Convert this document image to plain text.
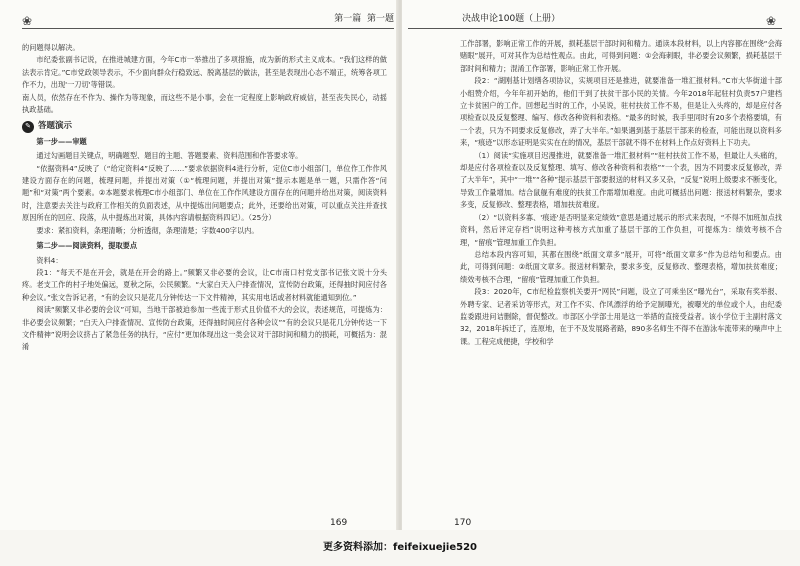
❀	第一篇 第一题

的问题得以解决。

市纪委张副书记说，在推进城建方面，今年C市一举推出了多项措施，成为新的形式主义成本。“我们这样的做法表示肯定。”C市党政领导表示，不少面向群众行稳致远、脱离基层的做法，甚至是表现出心态不端正，统筹各项工作不力，出现'一刀切'等错误。

南人员，依然存在不作为、操作为等现象，而这些不是小事，会在一定程度上影响政府威信，甚至丧失民心，动摇执政基础。

✎ 答题演示
第一步——审题

通过勾画题目关键点，明确题型、题目的主题、答题要素、资料范围和作答要求等。

“依据资料4”反映了（“给定资料4”反映了……”要求依据资料4进行分析，定位C市小组部门，单位作工作作风建设方面存在的问题，梳理问题，并提出对策（①“梳理问题，并提出对策”提示本题是单一题，只需作答“问题”和“对策”两个要素。②本题要求梳理C市小组部门、单位在工作作风建设方面存在的问题并给出对策，阅读资料时，注意要去关注与政府工作相关的负面表述，从中提炼出问题要点；此外，还要给出对策，可以重点关注并查找原因所在的回应、段落，从中提炼出对策，具体内容请根据资料四记）。（25分）

要求：紧扣资料，条理清晰；分析透彻，条理清楚；字数400字以内。

第二步——阅读资料，提取要点

资料4：

段1：“每天不是在开会，就是在开会的路上。”频繁又非必要的会议，让C市南口村党支部书记张文说十分头疼。老支工作的村子地处偏远，夏秋之际，公民频繁。“大家白天入户排查情况，宣传防台政策，还得抽时间应付各种会议。”张文告诉记者，“有的会议只是花几分钟传达一下文件精神，其实用电话或者材料就能通知到位。”

阅读“频繁又非必要的会议”可知，当地干部被迫参加一些流于形式且价值不大的会议，表述规范，可提炼为：非必要会议频繁；“白天入户排查情况、宣传防台政策，还得抽时间应付各种会议”“有的会议只是花几分钟传达一下文件精神”说明会议挤占了紧急任务的执行，“应付”更加体现出这一类会议对干部时间和精力的损耗，可概括为：混淆

169
决战申论100题（上册）	❀

工作部署，影响正常工作的开展，损耗基层干部时间和精力。通读本段材料，以上内容都在围绕“会海赌眼”展开，可对其作为总结性观点。由此，可得到问题：①会海刺眼，非必要会议频繁，损耗基层干部时间和精力；混淆工作部署，影响正常工作开展。

段2：“湖刚基计划缮各项协议，实规项目还是推进，就要准备一堆汇报材料。”C市大华街道十部小组赞介绍，今年年初开始的，他们干到了扶贫干部小民的关情。今年2018年起驻村负责57户建档立卡贫困户的工作。回想起当时的工作，小吴说，驻村扶贫工作不易，但是让入头疼的，却是应付各项检查以及反复整理、编写、修改各种资料和表格。“最多的时候，我手里同时有20多个表格要填，有一个表，只为不同要求反复修改，弄了大半年。”如果遇到基于基层干部来的检查，可能出现以资料多来，“痕迹”以形态证明是实实在在的情况，基层干部就不得不在材料上作点好资料上下功夫。

（1）阅读“实施项目迟漫推进，就要准备一堆汇报材料”“驻村扶贫工作不易，但最让人头痛的，却是应付各项检查以及反复整理、填写、修改各种资料和表格”“一个表，因为不同要求反复修改，弄了大半年”，其中“一堆”“各种”提示基层干部要报送的材料又多又杂，“反复”说明上级要求不断变化，导致工作量增加。结合鼠舰有难度的扶贫工作需增加难度。由此可概括出问题：报送材料繁杂，要求多变，反复修改、整理表格，增加扶贫难度。

（2）“以资料多寡、'痕迹'是否明显来定绩效”意思是通过展示的形式来表现，“不得不加班加点找资料，然后评定存档”说明这种考核方式加重了基层干部的工作负担，可提炼为：绩效考核不合理，“留痕”管理加重工作负担。

总结本段内容可知，其都在围绕“纸面文章多”展开，可将“纸面文章多”作为总结句和要点。由此，可得到问题：②纸面文章多。报送材料繁杂，要求多变，反复修改、整理表格，增加扶贫难度；绩效考核不合理，“留痕”管理加重工作负担。

段3：2020年，C市纪检监察机关要开“网民”问题，设立了可乘坐区“曝光台”，采取有奖举报、外聘专家、记者采访等形式，对工作不实、作风漂浮的给予定制曝光，被曝光的单位或个人，由纪委监委跟进问诘删除，督促整改。市部区小学部士用是这一举措的直接受益者。该小学位于主副村落文32，2018年拆迁了，连原地，在于不及发展路者路，890多名师生不得不在游泳车流带来的噪声中上课。工程完成便捷，学校和学

170
更多资料添加：feifeixuejie520
